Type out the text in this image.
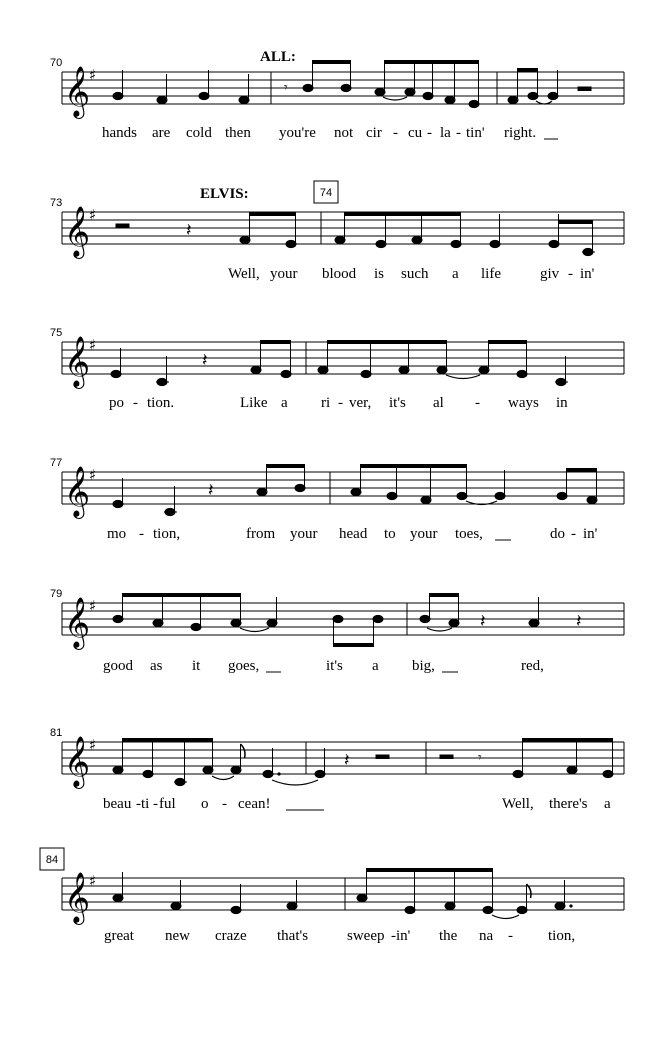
70
𝄞
♯
ALL:
𝄾
hands are cold then you're not cir - cu - la - tin' right.
73
𝄞
♯
ELVIS:	74
𝄽
Well, your blood is such a life	giv - in'
75
𝄞
♯
𝄽
po - tion.	Like a ri - ver, it's al - ways in
77
𝄞
♯
𝄽
mo - tion,	from your head to your toes,	do - in'
79
𝄞
♯
𝄽	𝄽
good as it goes,	it's a big,	red,
81
𝄞
♯
𝄽	𝄾
beau - ti - ful o - cean!	Well, there's a
84
𝄞
♯
great new craze that's	sweep - in' the na - tion,
